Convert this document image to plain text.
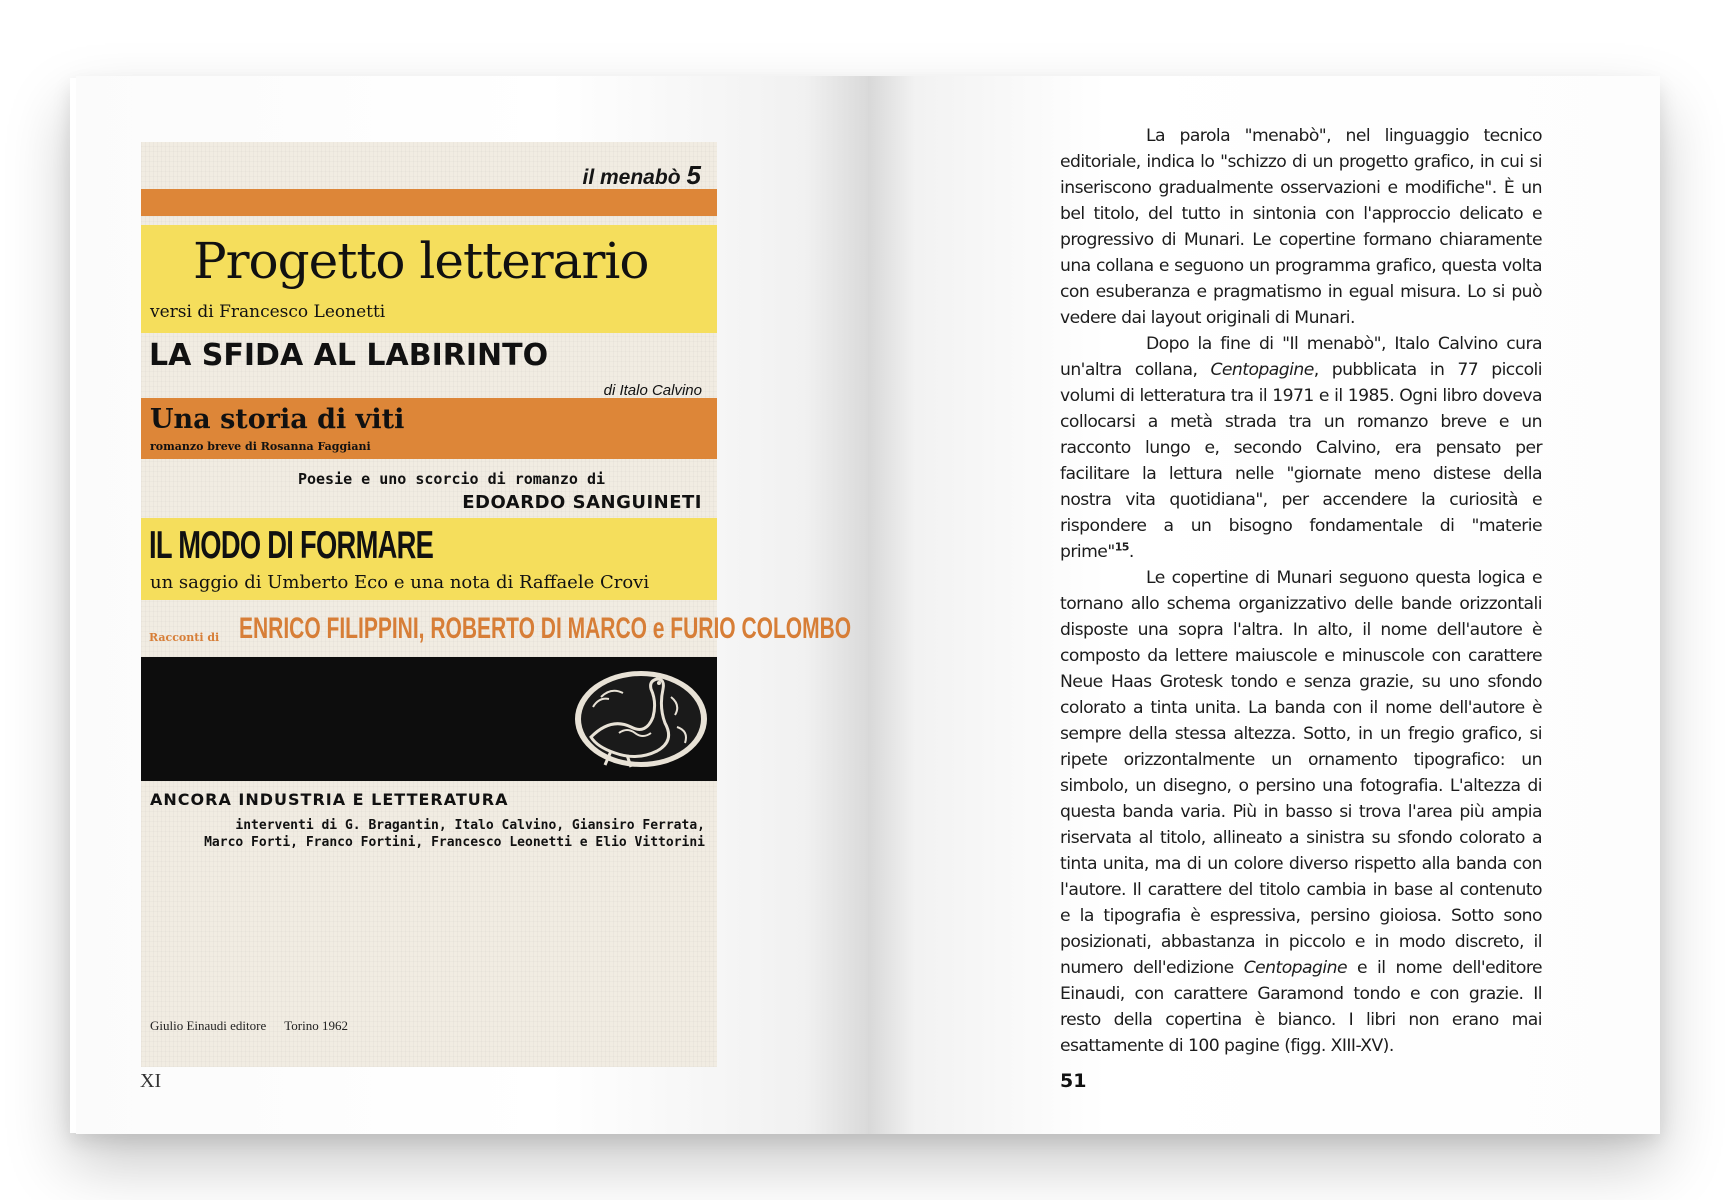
il menabò 5

Progetto letterario

versi di Francesco Leonetti

LA SFIDA AL LABIRINTO

di Italo Calvino

Una storia di viti

romanzo breve di Rosanna Faggiani

Poesie e uno scorcio di romanzo di

EDOARDO SANGUINETI

IL MODO DI FORMARE

un saggio di Umberto Eco e una nota di Raffaele Crovi

Racconti di ENRICO FILIPPINI, ROBERTO DI MARCO e FURIO COLOMBO

ANCORA INDUSTRIA E LETTERATURA

interventi di G. Bragantin, Italo Calvino, Giansiro Ferrata,

Marco Forti, Franco Fortini, Francesco Leonetti e Elio Vittorini

Giulio Einaudi editore Torino 1962

XI

La parola "menabò", nel linguaggio tecnico editoriale, indica lo "schizzo di un progetto grafico, in cui si inseriscono gradualmente osservazioni e modifiche". È un bel titolo, del tutto in sintonia con l'approccio delicato e progressivo di Munari. Le copertine formano chiaramente una collana e seguono un programma grafico, questa volta con esuberanza e pragmatismo in egual misura. Lo si può vedere dai layout originali di Munari.

Dopo la fine di "Il menabò", Italo Calvino cura un'altra collana, Centopagine, pubblicata in 77 piccoli volumi di letteratura tra il 1971 e il 1985. Ogni libro doveva collocarsi a metà strada tra un romanzo breve e un racconto lungo e, secondo Calvino, era pensato per facilitare la lettura nelle "giornate meno distese della nostra vita quotidiana", per accendere la curiosità e rispondere a un bisogno fondamentale di "materie prime"$^{15}$.

Le copertine di Munari seguono questa logica e tornano allo schema organizzativo delle bande orizzontali disposte una sopra l'altra. In alto, il nome dell'autore è composto da lettere maiuscole e minuscole con carattere Neue Haas Grotesk tondo e senza grazie, su uno sfondo colorato a tinta unita. La banda con il nome dell'autore è sempre della stessa altezza. Sotto, in un fregio grafico, si ripete orizzontalmente un ornamento tipografico: un simbolo, un disegno, o persino una fotografia. L'altezza di questa banda varia. Più in basso si trova l'area più ampia riservata al titolo, allineato a sinistra su sfondo colorato a tinta unita, ma di un colore diverso rispetto alla banda con l'autore. Il carattere del titolo cambia in base al contenuto e la tipografia è espressiva, persino gioiosa. Sotto sono posizionati, abbastanza in piccolo e in modo discreto, il numero dell'edizione Centopagine e il nome dell'editore Einaudi, con carattere Garamond tondo e con grazie. Il resto della copertina è bianco. I libri non erano mai esattamente di 100 pagine (figg. XIII-XV).

51
